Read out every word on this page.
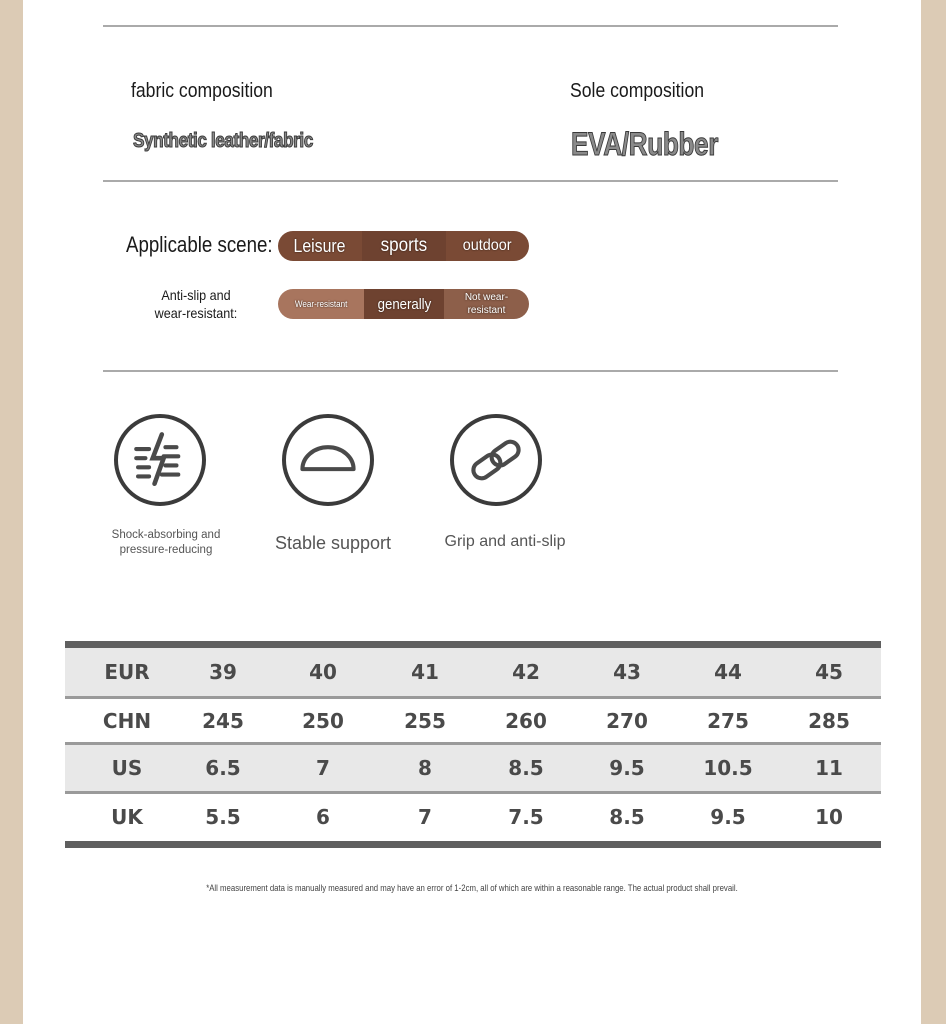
fabric composition
Synthetic leather/fabric
Sole composition
EVA/Rubber
Applicable scene: Leisure sports outdoor
Anti-slip and
wear-resistant:
Wear-resistant generally	Not wear-
resistant
Shock-absorbing and
pressure-reducing	Stable support	Grip and anti-slip
EUR	39	40	41	42	43	44	45
CHN	245	250	255	260	270	275	285
US	6.5	7	8	8.5	9.5	10.5	11
UK	5.5	6	7	7.5	8.5	9.5	10
*All measurement data is manually measured and may have an error of 1-2cm, all of which are within a reasonable range. The actual product shall prevail.
